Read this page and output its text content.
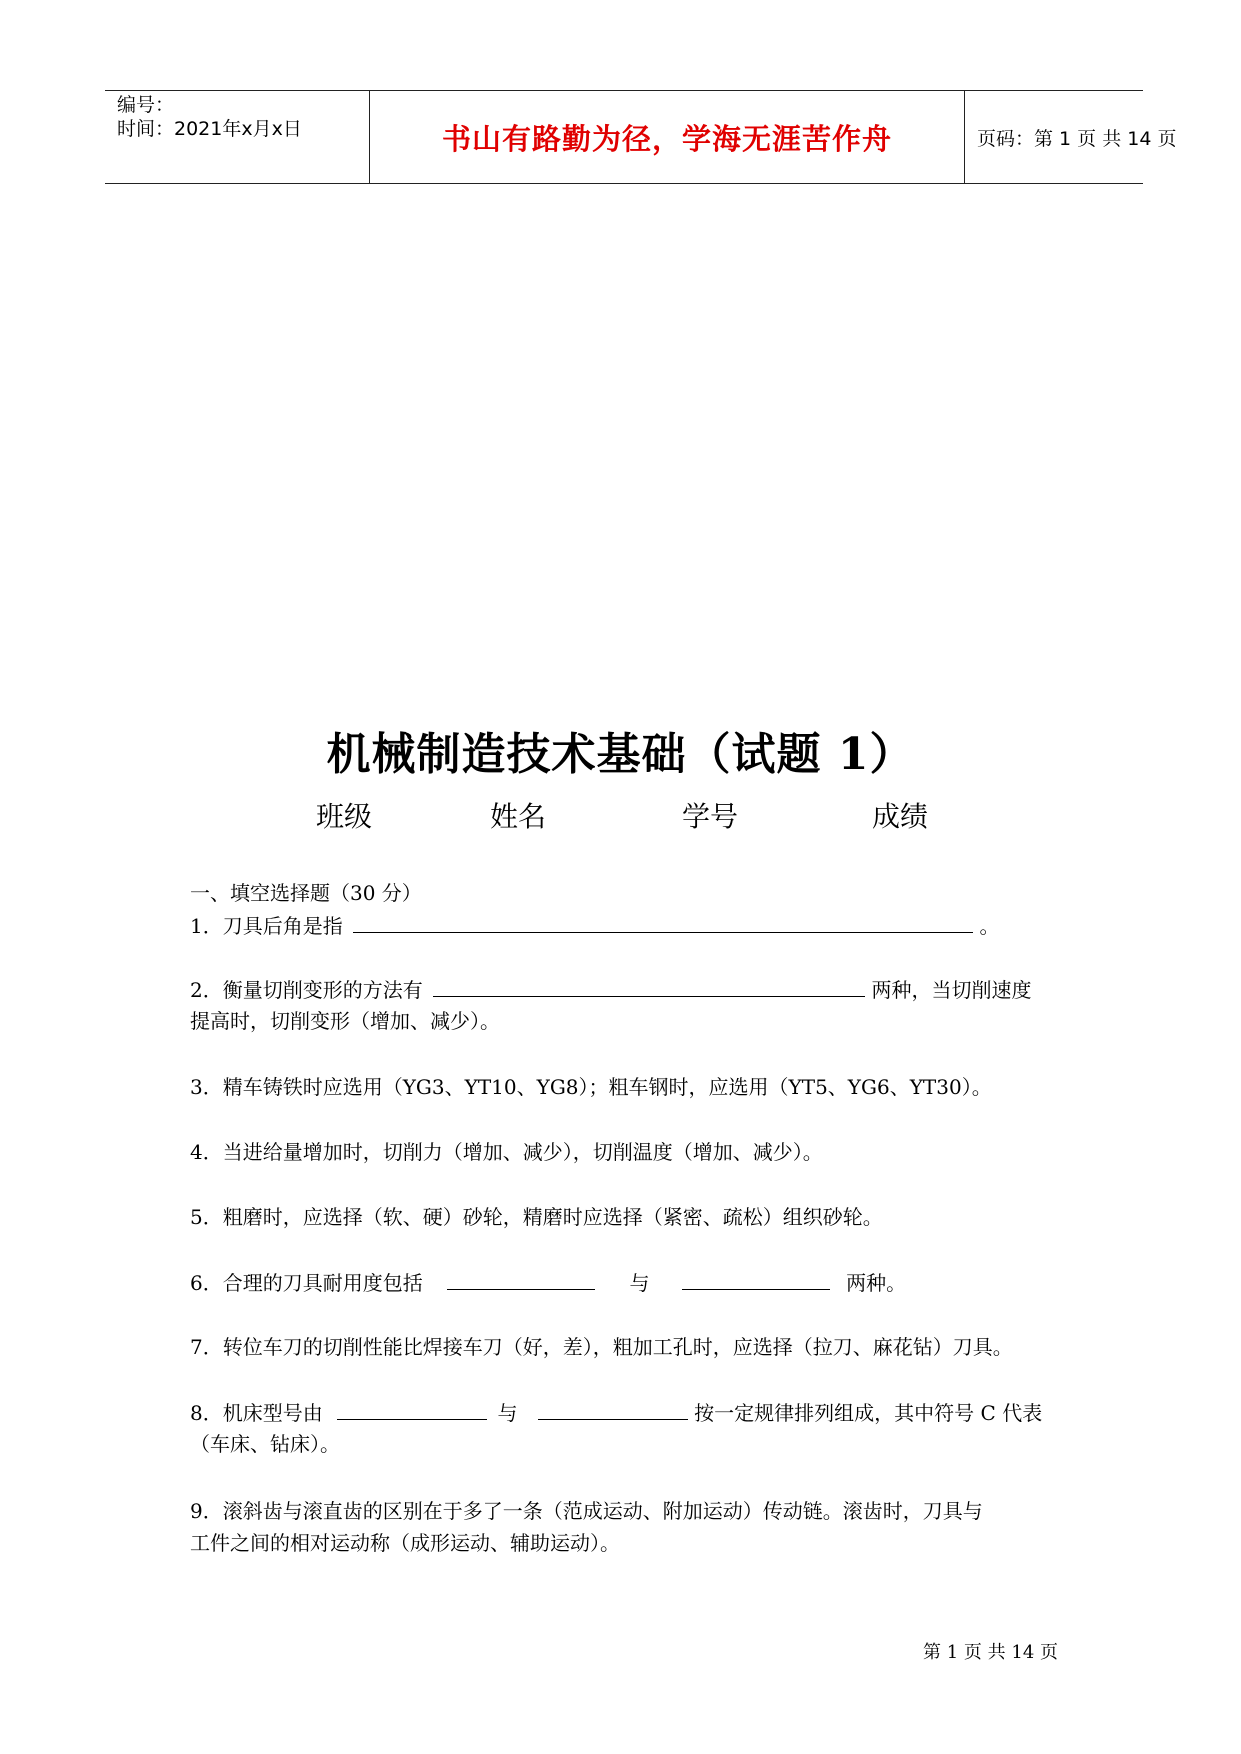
编号：
时间：2021年x月x日	书山有路勤为径，学海无涯苦作舟	页码：第 1 页 共 14 页
机械制造技术基础（试题 1）
班级	姓名	学号	成绩
一、填空选择题（30 分）
1．刀具后角是指	。
2．衡量切削变形的方法有	两种，当切削速度
提高时，切削变形（增加、减少）。
3．精车铸铁时应选用（YG3、YT10、YG8）；粗车钢时，应选用（YT5、YG6、YT30）。
4．当进给量增加时，切削力（增加、减少），切削温度（增加、减少）。
5．粗磨时，应选择（软、硬）砂轮，精磨时应选择（紧密、疏松）组织砂轮。
6．合理的刀具耐用度包括	与	两种。
7．转位车刀的切削性能比焊接车刀（好，差），粗加工孔时，应选择（拉刀、麻花钻）刀具。
8．机床型号由	与	按一定规律排列组成，其中符号 C 代表
（车床、钻床）。
9．滚斜齿与滚直齿的区别在于多了一条（范成运动、附加运动）传动链。滚齿时，刀具与
工件之间的相对运动称（成形运动、辅助运动）。
第 1 页 共 14 页
